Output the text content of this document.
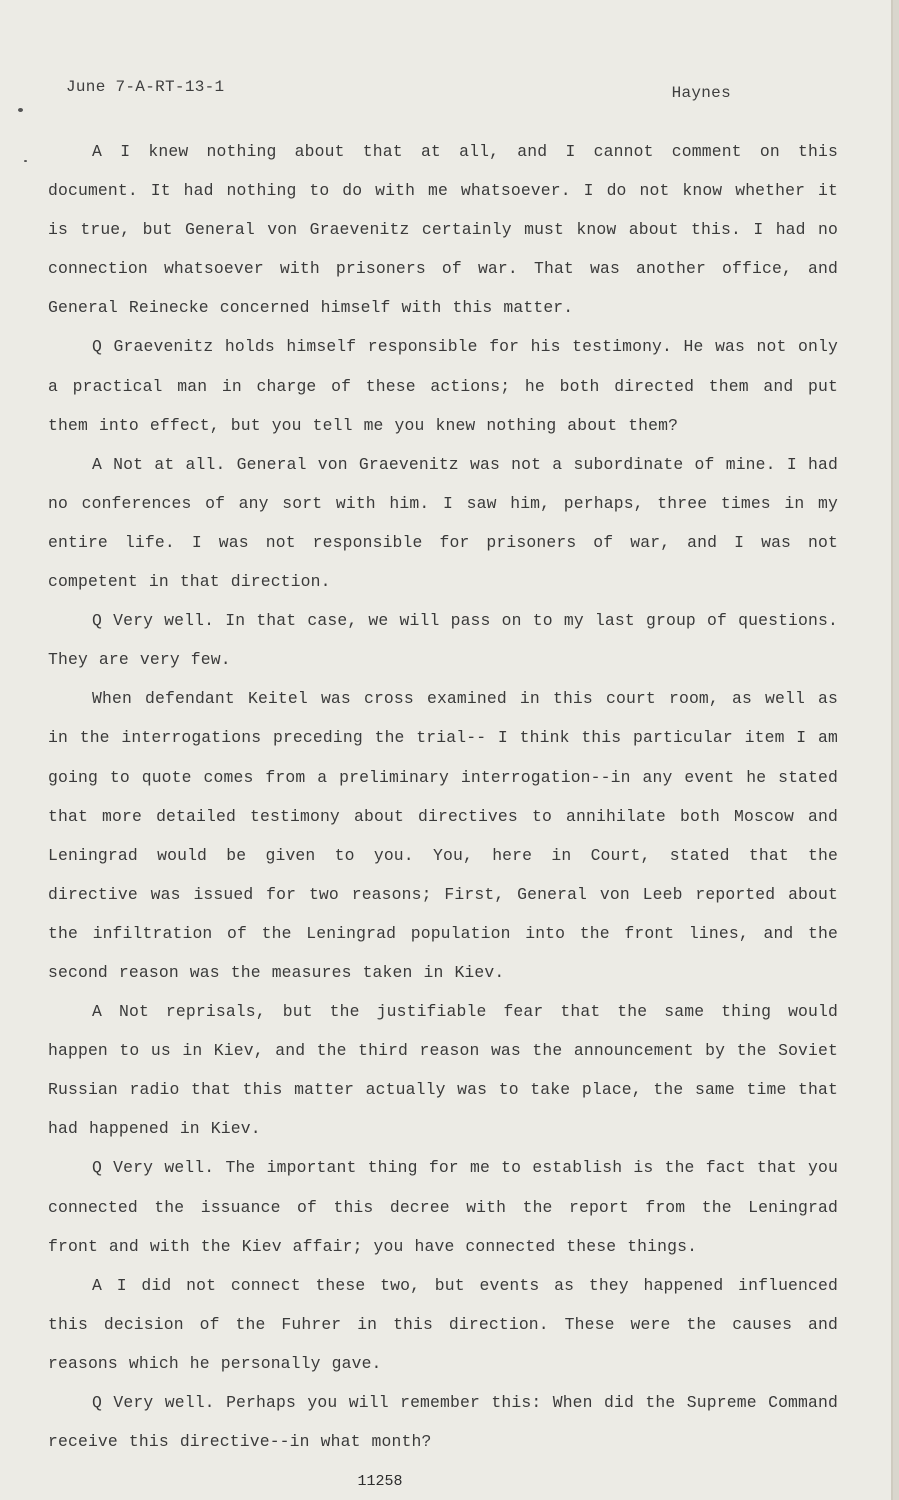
June 7-A-RT-13-1	Haynes

A I knew nothing about that at all, and I cannot comment on this document. It had nothing to do with me whatsoever. I do not know whether it is true, but General von Graevenitz certainly must know about this. I had no connection whatsoever with prisoners of war. That was another office, and General Reinecke concerned himself with this matter.

Q Graevenitz holds himself responsible for his testimony. He was not only a practical man in charge of these actions; he both directed them and put them into effect, but you tell me you knew nothing about them?

A Not at all. General von Graevenitz was not a subordinate of mine. I had no conferences of any sort with him. I saw him, perhaps, three times in my entire life. I was not responsible for prisoners of war, and I was not competent in that direction.

Q Very well. In that case, we will pass on to my last group of questions. They are very few.

When defendant Keitel was cross examined in this court room, as well as in the interrogations preceding the trial-- I think this particular item I am going to quote comes from a preliminary interrogation--in any event he stated that more detailed testimony about directives to annihilate both Moscow and Leningrad would be given to you. You, here in Court, stated that the directive was issued for two reasons; First, General von Leeb reported about the infiltration of the Leningrad population into the front lines, and the second reason was the measures taken in Kiev.

A Not reprisals, but the justifiable fear that the same thing would happen to us in Kiev, and the third reason was the announcement by the Soviet Russian radio that this matter actually was to take place, the same time that had happened in Kiev.

Q Very well. The important thing for me to establish is the fact that you connected the issuance of this decree with the report from the Leningrad front and with the Kiev affair; you have connected these things.

A I did not connect these two, but events as they happened influenced this decision of the Fuhrer in this direction. These were the causes and reasons which he personally gave.

Q Very well. Perhaps you will remember this: When did the Supreme Command receive this directive--in what month?

11258
